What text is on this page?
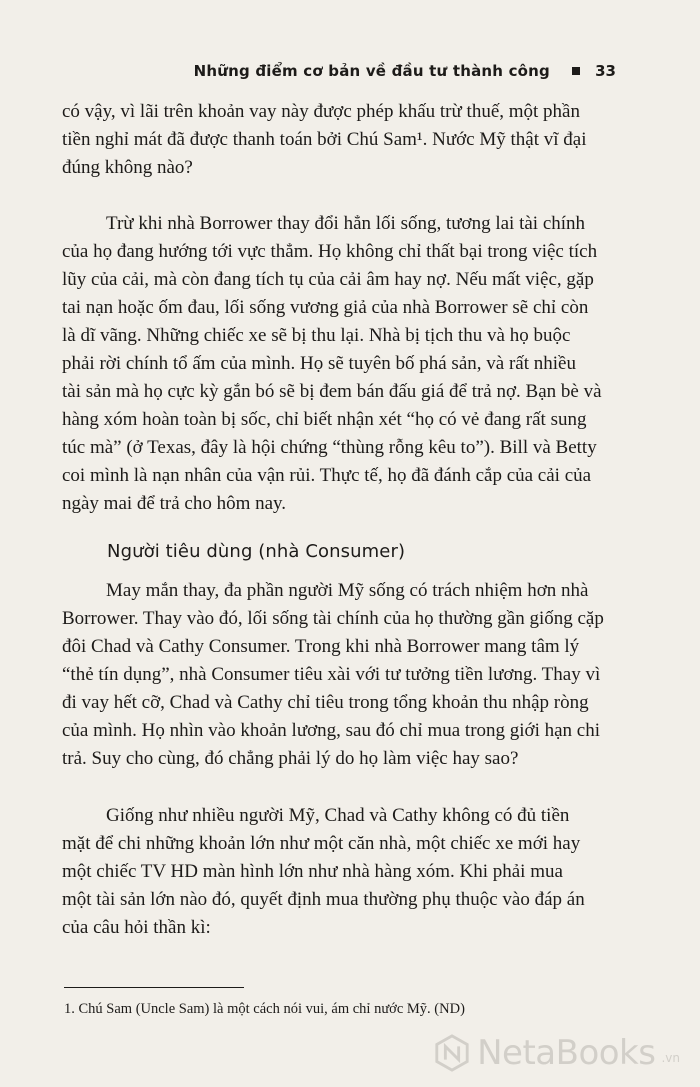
Những điểm cơ bản về đầu tư thành công	33
có vậy, vì lãi trên khoản vay này được phép khấu trừ thuế, một phần
tiền nghỉ mát đã được thanh toán bởi Chú Sam¹. Nước Mỹ thật vĩ đại
đúng không nào?
Trừ khi nhà Borrower thay đổi hẳn lối sống, tương lai tài chính
của họ đang hướng tới vực thẳm. Họ không chỉ thất bại trong việc tích
lũy của cải, mà còn đang tích tụ của cải âm hay nợ. Nếu mất việc, gặp
tai nạn hoặc ốm đau, lối sống vương giả của nhà Borrower sẽ chỉ còn
là dĩ vãng. Những chiếc xe sẽ bị thu lại. Nhà bị tịch thu và họ buộc
phải rời chính tổ ấm của mình. Họ sẽ tuyên bố phá sản, và rất nhiều
tài sản mà họ cực kỳ gắn bó sẽ bị đem bán đấu giá để trả nợ. Bạn bè và
hàng xóm hoàn toàn bị sốc, chỉ biết nhận xét “họ có vẻ đang rất sung
túc mà” (ở Texas, đây là hội chứng “thùng rỗng kêu to”). Bill và Betty
coi mình là nạn nhân của vận rủi. Thực tế, họ đã đánh cắp của cải của
ngày mai để trả cho hôm nay.
Người tiêu dùng (nhà Consumer)
May mắn thay, đa phần người Mỹ sống có trách nhiệm hơn nhà
Borrower. Thay vào đó, lối sống tài chính của họ thường gần giống cặp
đôi Chad và Cathy Consumer. Trong khi nhà Borrower mang tâm lý
“thẻ tín dụng”, nhà Consumer tiêu xài với tư tưởng tiền lương. Thay vì
đi vay hết cỡ, Chad và Cathy chỉ tiêu trong tổng khoản thu nhập ròng
của mình. Họ nhìn vào khoản lương, sau đó chỉ mua trong giới hạn chi
trả. Suy cho cùng, đó chẳng phải lý do họ làm việc hay sao?
Giống như nhiều người Mỹ, Chad và Cathy không có đủ tiền
mặt để chi những khoản lớn như một căn nhà, một chiếc xe mới hay
một chiếc TV HD màn hình lớn như nhà hàng xóm. Khi phải mua
một tài sản lớn nào đó, quyết định mua thường phụ thuộc vào đáp án
của câu hỏi thần kì:
1. Chú Sam (Uncle Sam) là một cách nói vui, ám chỉ nước Mỹ. (ND)
NetaBooks .vn
